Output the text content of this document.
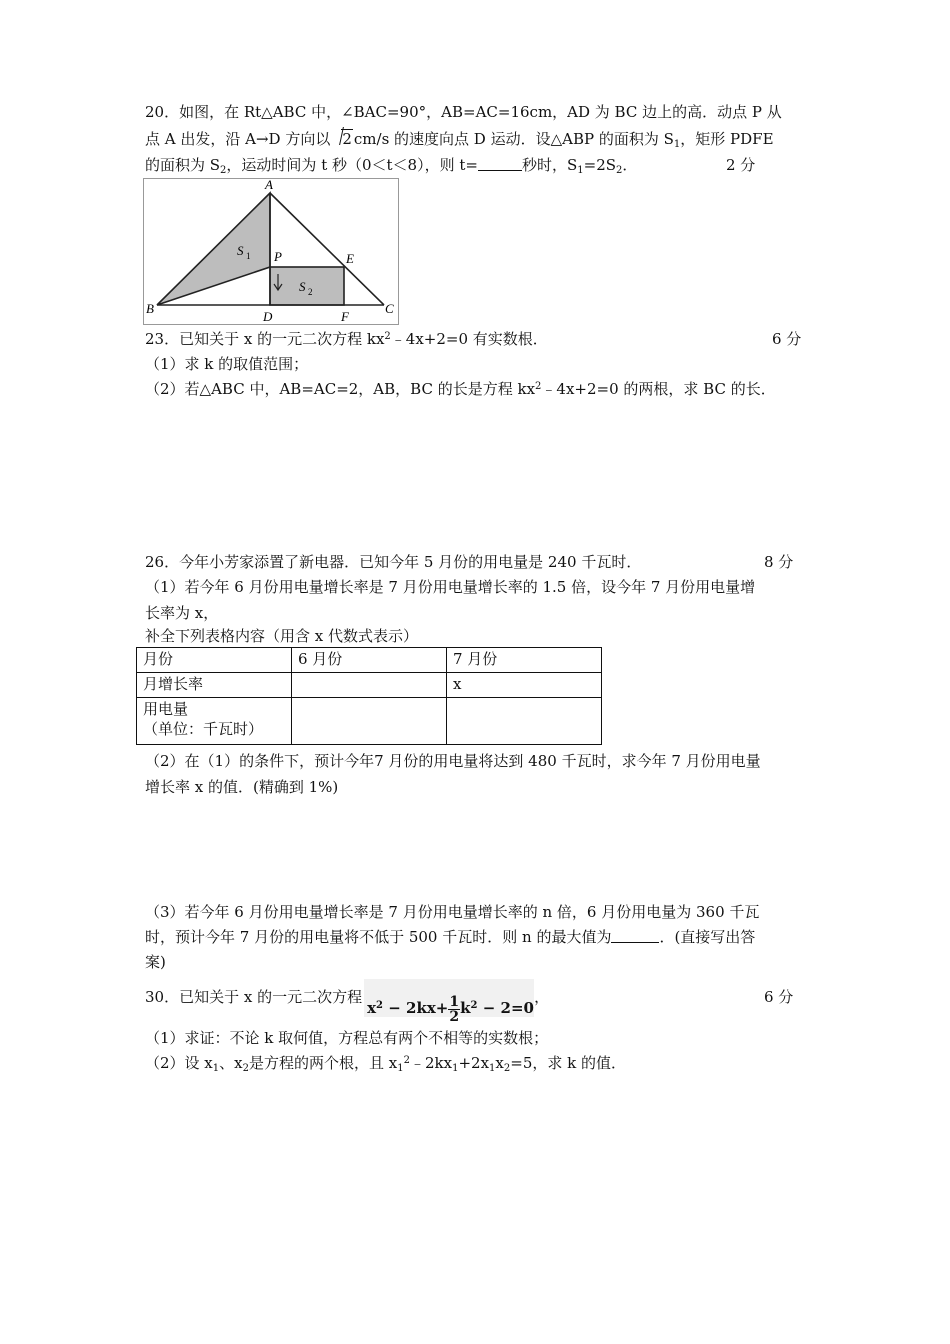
20．如图，在 Rt△ABC 中，∠BAC=90°，AB=AC=16cm，AD 为 BC 边上的高．动点 P 从
点 A 出发，沿 A→D 方向以 2 cm/s 的速度向点 D 运动．设△ABP 的面积为 $S_1$，矩形 PDFE
的面积为 $S_2$，运动时间为 t 秒（0＜t＜8），则 t=	秒时，$S_1=2S_2$．	2 分
A
B	C
D	F
E
P
S 1
S 2
23．已知关于 x 的一元二次方程 $kx^2﹣4x+2=0$ 有实数根．	6 分
（1）求 k 的取值范围；
（2）若△ABC 中，AB=AC=2，AB，BC 的长是方程 $kx^2﹣4x+2=0$ 的两根，求 BC 的长．
26．今年小芳家添置了新电器．已知今年 5 月份的用电量是 240 千瓦时．	8 分
（1）若今年 6 月份用电量增长率是 7 月份用电量增长率的 1.5 倍，设今年 7 月份用电量增
长率为 x，
补全下列表格内容（用含 x 代数式表示）
月份	6 月份	7 月份
月增长率		x

用电量
（单位：千瓦时）		

（2）在（1）的条件下，预计今年7 月份的用电量将达到 480 千瓦时，求今年 7 月份用电量
增长率 x 的值．(精确到 1%)
（3）若今年 6 月份用电量增长率是 7 月份用电量增长率的 n 倍，6 月份用电量为 360 千瓦
时，预计今年 7 月份的用电量将不低于 500 千瓦时．则 n 的最大值为	．(直接写出答
案)
30．已知关于 x 的一元二次方程
$x^2 - 2kx+ \frac{1}{2} k^2 - 2=0$
，	6 分
（1）求证：不论 k 取何值，方程总有两个不相等的实数根；
（2）设 $x_1$、$x_2$是方程的两个根，且 $x_1^2﹣2kx_1+2x_1x_2=5$，求 k 的值．
